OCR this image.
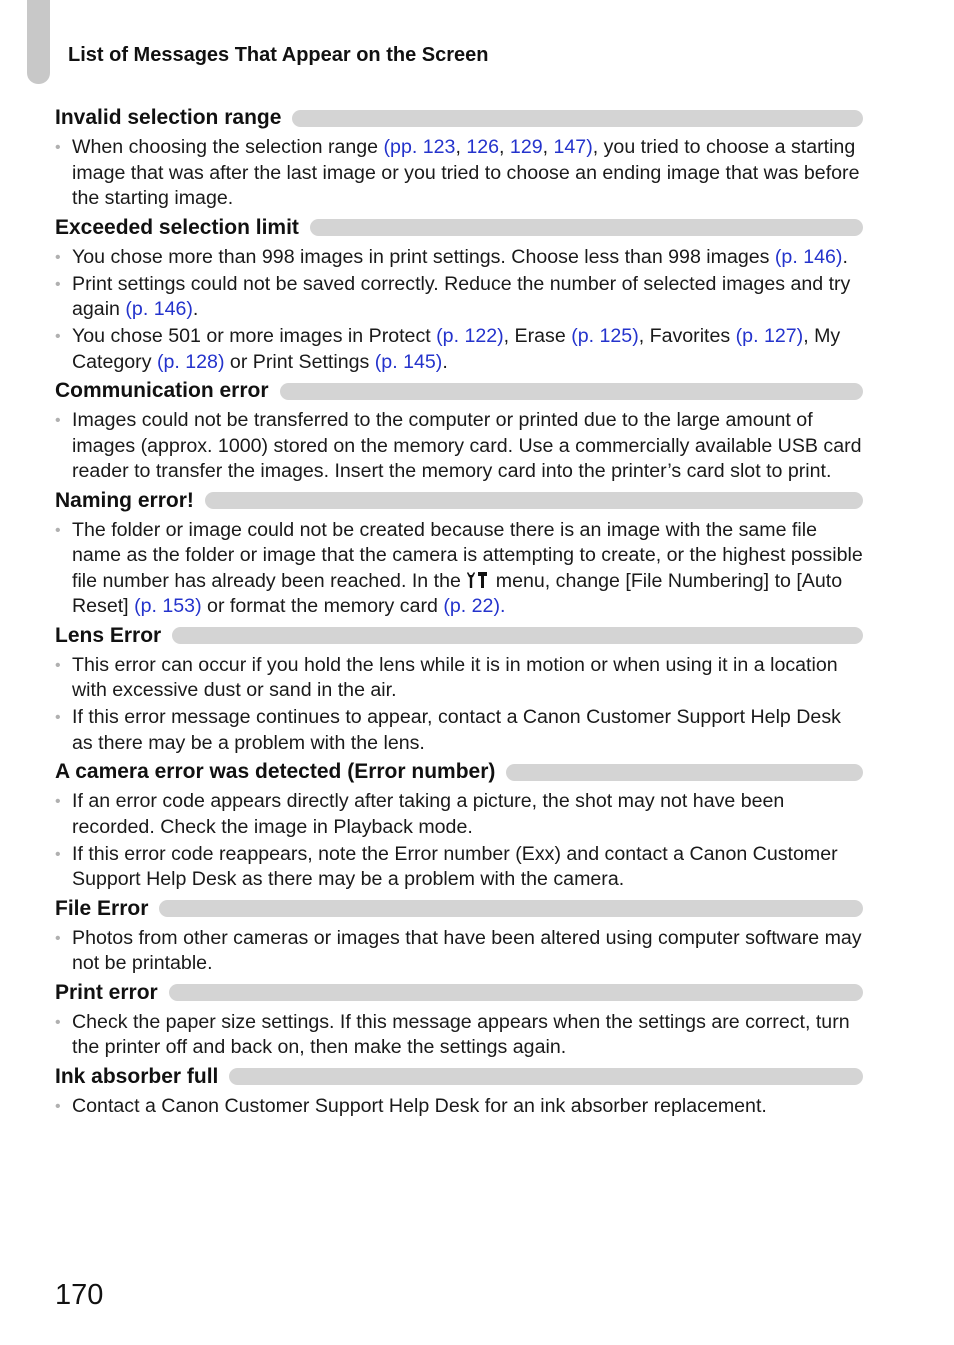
List of Messages That Appear on the Screen
Invalid selection range
• When choosing the selection range (pp. 123, 126, 129, 147), you tried to choose a starting image that was after the last image or you tried to choose an ending image that was before the starting image.
Exceeded selection limit
• You chose more than 998 images in print settings. Choose less than 998 images (p. 146).
• Print settings could not be saved correctly. Reduce the number of selected images and try again (p. 146).
• You chose 501 or more images in Protect (p. 122), Erase (p. 125), Favorites (p. 127), My Category (p. 128) or Print Settings (p. 145).
Communication error
• Images could not be transferred to the computer or printed due to the large amount of images (approx. 1000) stored on the memory card. Use a commercially available USB card reader to transfer the images. Insert the memory card into the printer’s card slot to print.
Naming error!
• The folder or image could not be created because there is an image with the same file name as the folder or image that the camera is attempting to create, or the highest possible file number has already been reached. In the  menu, change [File Numbering] to [Auto Reset] (p. 153) or format the memory card (p. 22).
Lens Error
• This error can occur if you hold the lens while it is in motion or when using it in a location with excessive dust or sand in the air.
• If this error message continues to appear, contact a Canon Customer Support Help Desk as there may be a problem with the lens.
A camera error was detected (Error number)
• If an error code appears directly after taking a picture, the shot may not have been recorded. Check the image in Playback mode.
• If this error code reappears, note the Error number (Exx) and contact a Canon Customer Support Help Desk as there may be a problem with the camera.
File Error
• Photos from other cameras or images that have been altered using computer software may not be printable.
Print error
• Check the paper size settings. If this message appears when the settings are correct, turn the printer off and back on, then make the settings again.
Ink absorber full
• Contact a Canon Customer Support Help Desk for an ink absorber replacement.
170
